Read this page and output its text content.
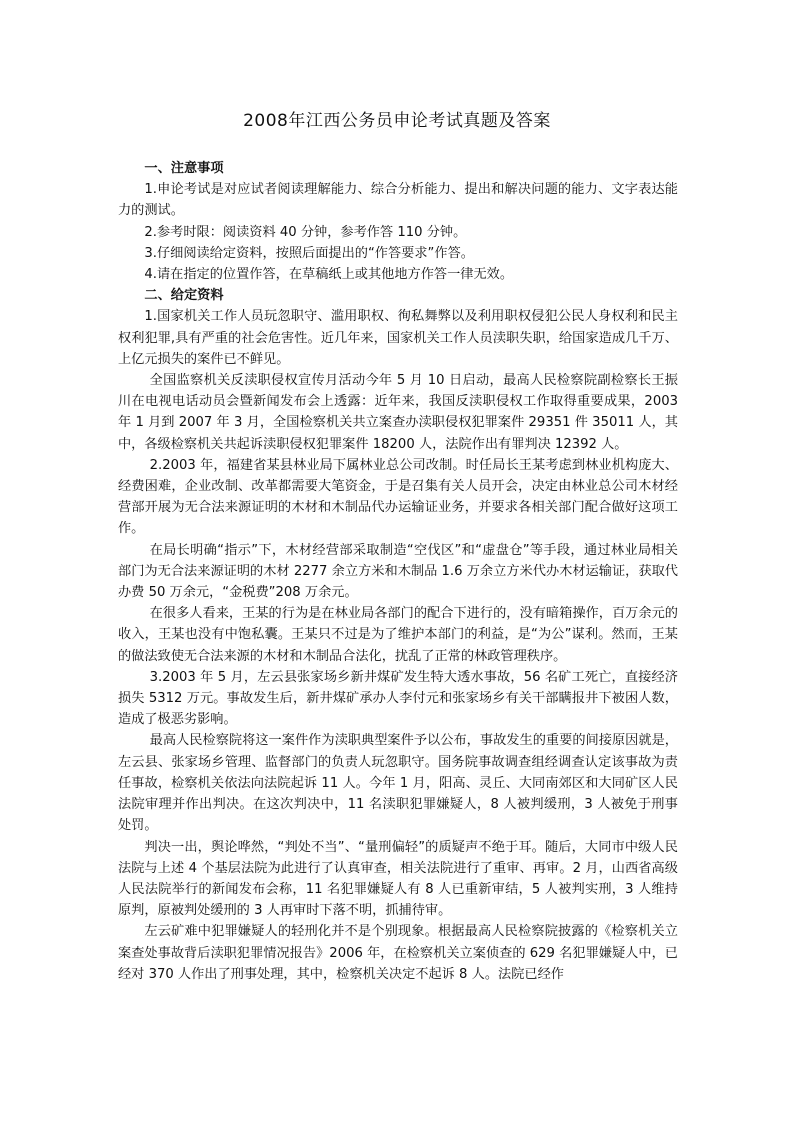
2008年江西公务员申论考试真题及答案

一、注意事项

1.申论考试是对应试者阅读理解能力、综合分析能力、提出和解决问题的能力、文字表达能力的测试。

2.参考时限：阅读资料 40 分钟，参考作答 110 分钟。

3.仔细阅读给定资料，按照后面提出的“作答要求”作答。

4.请在指定的位置作答，在草稿纸上或其他地方作答一律无效。

二、给定资料

1.国家机关工作人员玩忽职守、滥用职权、徇私舞弊以及利用职权侵犯公民人身权利和民主权利犯罪,具有严重的社会危害性。近几年来，国家机关工作人员渎职失职，给国家造成几千万、上亿元损失的案件已不鲜见。

全国监察机关反渎职侵权宣传月活动今年 5 月 10 日启动，最高人民检察院副检察长王振川在电视电话动员会暨新闻发布会上透露：近年来，我国反渎职侵权工作取得重要成果，2003 年 1 月到 2007 年 3 月，全国检察机关共立案查办渎职侵权犯罪案件 29351 件 35011 人，其中，各级检察机关共起诉渎职侵权犯罪案件 18200 人，法院作出有罪判决 12392 人。

2.2003 年，福建省某县林业局下属林业总公司改制。时任局长王某考虑到林业机构庞大、经费困难，企业改制、改革都需要大笔资金，于是召集有关人员开会，决定由林业总公司木材经营部开展为无合法来源证明的木材和木制品代办运输证业务，并要求各相关部门配合做好这项工作。

在局长明确“指示”下，木材经营部采取制造“空伐区”和“虚盘仓”等手段，通过林业局相关部门为无合法来源证明的木材 2277 余立方米和木制品 1.6 万余立方米代办木材运输证，获取代办费 50 万余元，“金税费”208 万余元。

在很多人看来，王某的行为是在林业局各部门的配合下进行的，没有暗箱操作，百万余元的收入，王某也没有中饱私囊。王某只不过是为了维护本部门的利益，是“为公”谋利。然而，王某的做法致使无合法来源的木材和木制品合法化，扰乱了正常的林政管理秩序。

3.2003 年 5 月，左云县张家场乡新井煤矿发生特大透水事故，56 名矿工死亡，直接经济损失 5312 万元。事故发生后，新井煤矿承办人李付元和张家场乡有关干部瞒报井下被困人数，造成了极恶劣影响。

最高人民检察院将这一案件作为渎职典型案件予以公布，事故发生的重要的间接原因就是，左云县、张家场乡管理、监督部门的负责人玩忽职守。国务院事故调查组经调查认定该事故为责任事故，检察机关依法向法院起诉 11 人。今年 1 月，阳高、灵丘、大同南郊区和大同矿区人民法院审理并作出判决。在这次判决中，11 名渎职犯罪嫌疑人，8 人被判缓刑，3 人被免于刑事处罚。

判决一出，舆论哗然，“判处不当”、“量刑偏轻”的质疑声不绝于耳。随后，大同市中级人民法院与上述 4 个基层法院为此进行了认真审查，相关法院进行了重审、再审。2 月，山西省高级人民法院举行的新闻发布会称，11 名犯罪嫌疑人有 8 人已重新审结，5 人被判实刑，3 人维持原判，原被判处缓刑的 3 人再审时下落不明，抓捕待审。

左云矿难中犯罪嫌疑人的轻刑化并不是个别现象。根据最高人民检察院披露的《检察机关立案查处事故背后渎职犯罪情况报告》2006 年，在检察机关立案侦查的 629 名犯罪嫌疑人中，已经对 370 人作出了刑事处理，其中，检察机关决定不起诉 8 人。法院已经作
